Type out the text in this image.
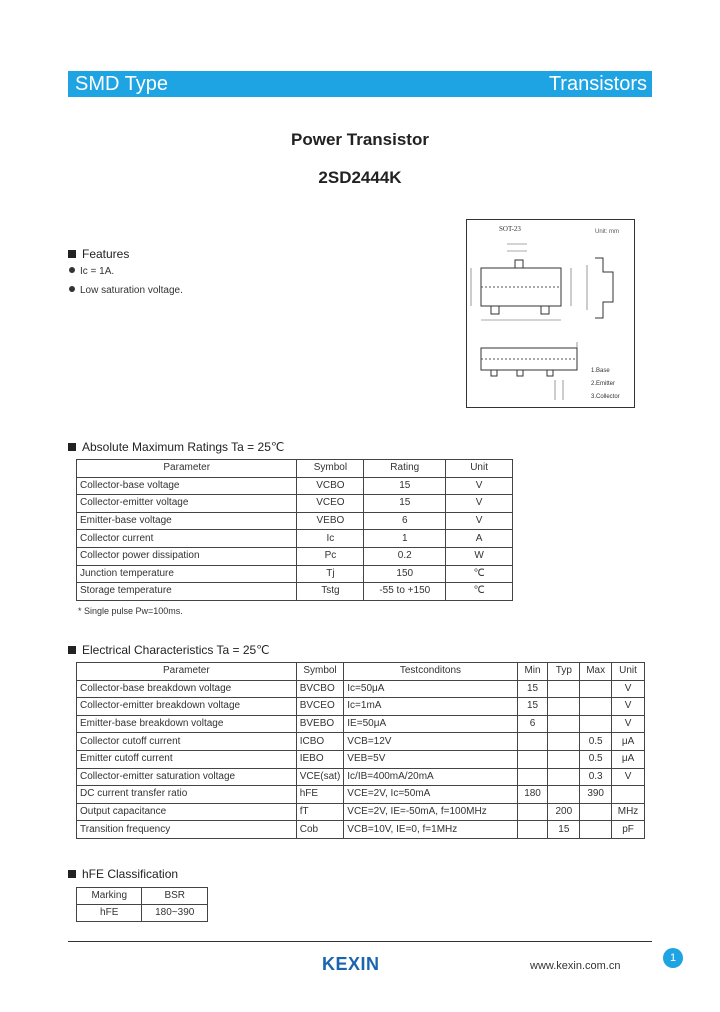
SMD Type	Transistors
Power Transistor
2SD2444K
Features
Ic = 1A.
Low saturation voltage.
SOT-23	Unit: mm
1.Base
2.Emitter
3.Collector
Absolute Maximum Ratings Ta = 25℃
Parameter	Symbol	Rating	Unit
Collector-base voltage	VCBO	15	V
Collector-emitter voltage	VCEO	15	V
Emitter-base voltage	VEBO	6	V
Collector current	Ic	1	A
Collector power dissipation	Pc	0.2	W
Junction temperature	Tj	150	℃
Storage temperature	Tstg	-55 to +150	℃
* Single pulse Pw=100ms.
Electrical Characteristics Ta = 25℃
Parameter	Symbol	Testconditons	Min	Typ	Max	Unit
Collector-base breakdown voltage	BVCBO	Ic=50μA	15			V
Collector-emitter breakdown voltage	BVCEO	Ic=1mA	15			V
Emitter-base breakdown voltage	BVEBO	IE=50μA	6			V
Collector cutoff current	ICBO	VCB=12V			0.5	μA
Emitter cutoff current	IEBO	VEB=5V			0.5	μA
Collector-emitter saturation voltage	VCE(sat)	Ic/IB=400mA/20mA			0.3	V
DC current transfer ratio	hFE	VCE=2V, Ic=50mA	180		390	
Output capacitance	fT	VCE=2V, IE=-50mA, f=100MHz		200		MHz
Transition frequency	Cob	VCB=10V, IE=0, f=1MHz		15		pF
hFE Classification
Marking	BSR
hFE	180~390
KEXIN	www.kexin.com.cn
1
